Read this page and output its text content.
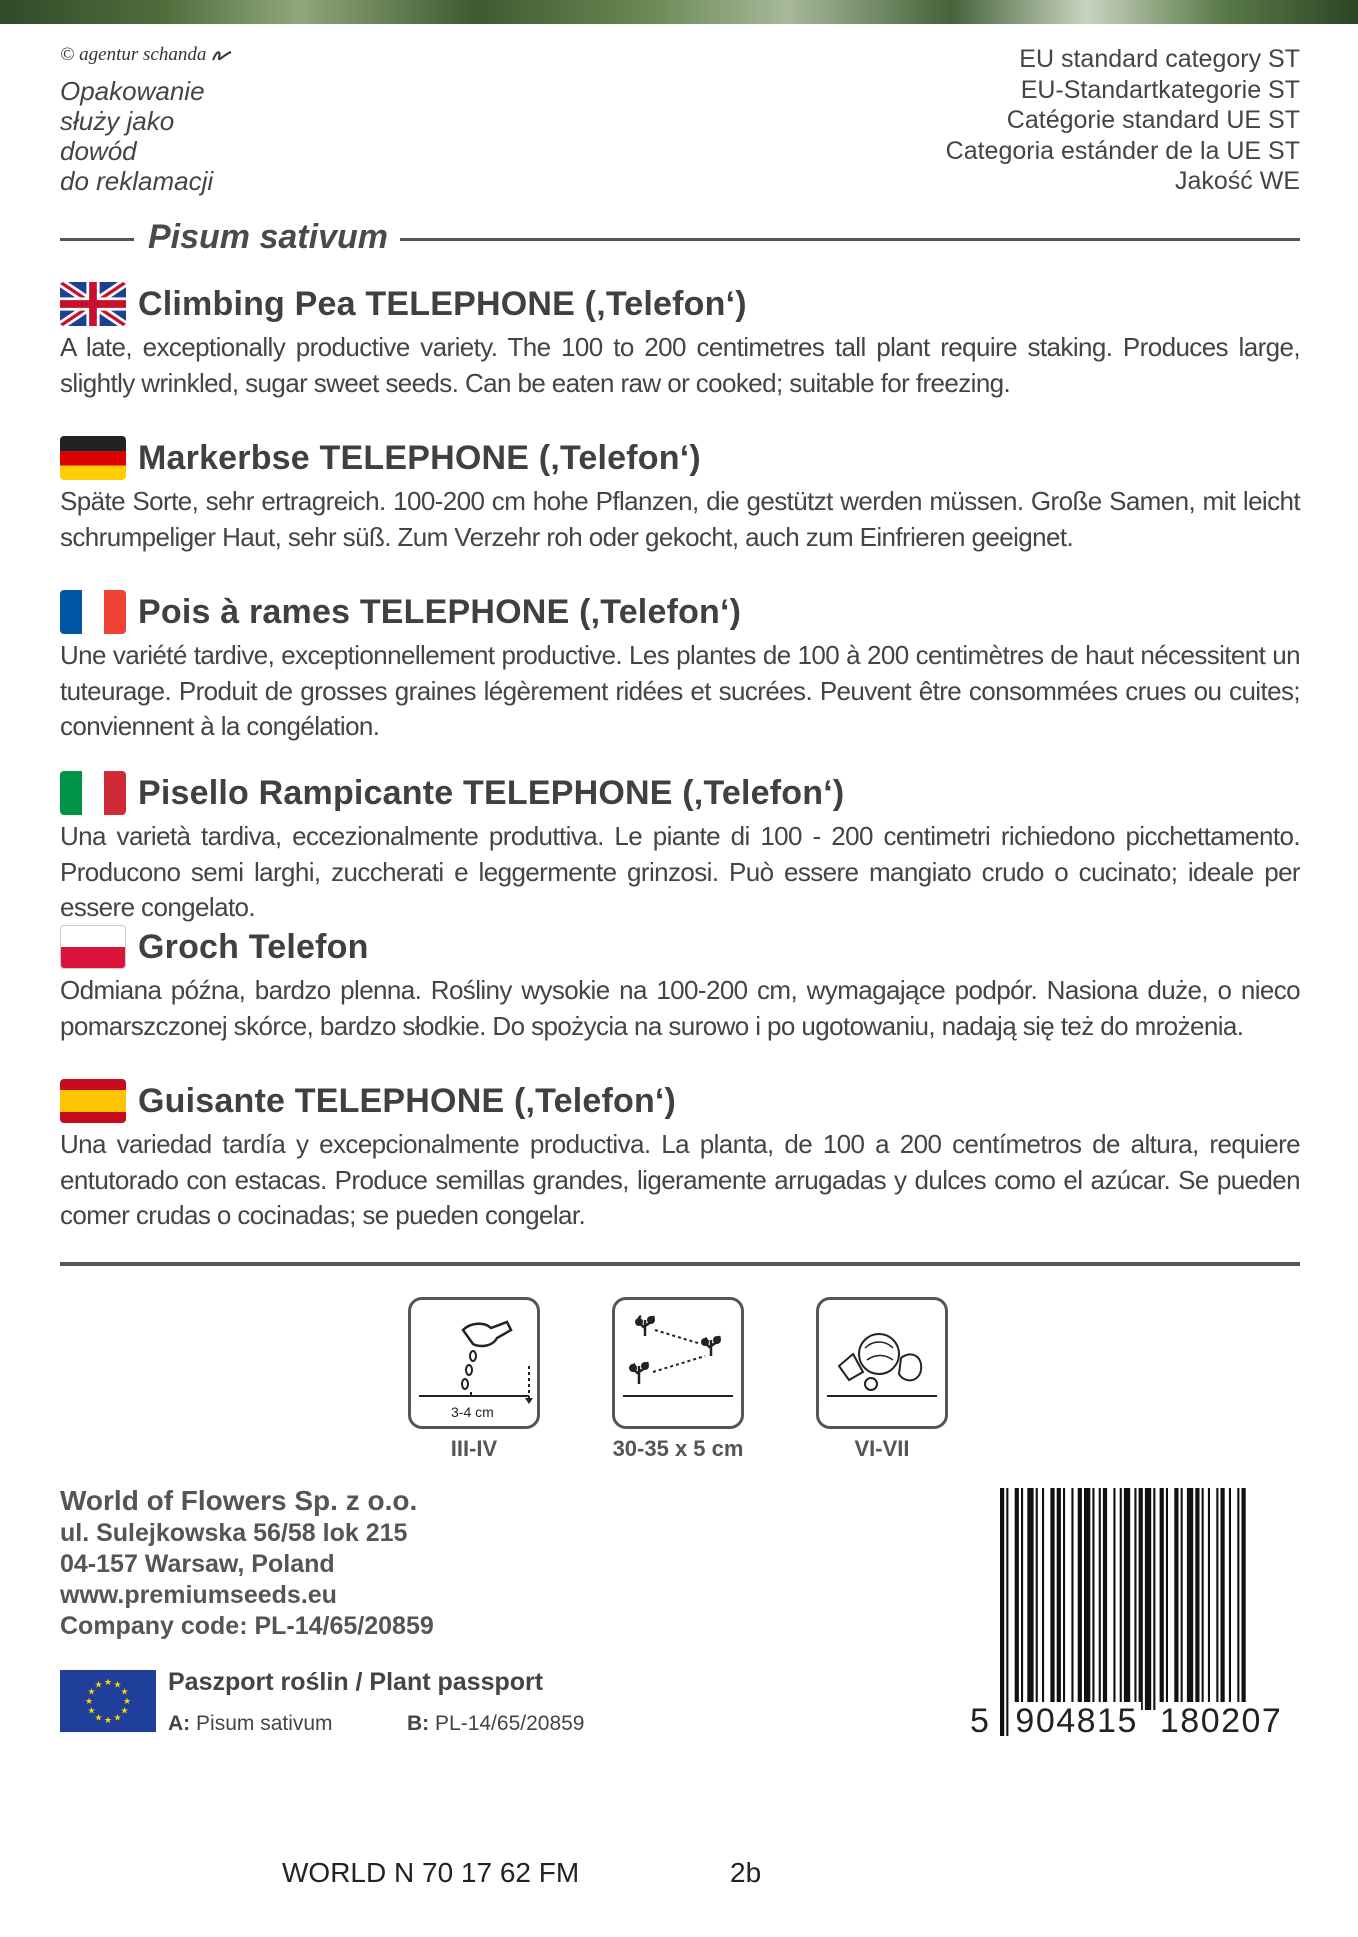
© agentur schanda
Opakowanie
służy jako
dowód
do reklamacji
EU standard category ST
EU-Standartkategorie ST
Catégorie standard UE ST
Categoria estánder de la UE ST
Jakość WE
Pisum sativum
Climbing Pea TELEPHONE (‚Telefon‘)
A late, exceptionally productive variety. The 100 to 200 centimetres tall plant require staking. Produces large, slightly wrinkled, sugar sweet seeds. Can be eaten raw or cooked; suitable for freezing.
Markerbse TELEPHONE (‚Telefon‘)
Späte Sorte, sehr ertragreich. 100-200 cm hohe Pflanzen, die gestützt werden müssen. Große Samen, mit leicht schrumpeliger Haut, sehr süß. Zum Verzehr roh oder gekocht, auch zum Einfrieren geeignet.
Pois à rames TELEPHONE (‚Telefon‘)
Une variété tardive, exceptionnellement productive. Les plantes de 100 à 200 centimètres de haut nécessitent un tuteurage. Produit de grosses graines légèrement ridées et sucrées. Peuvent être consommées crues ou cuites; conviennent à la congélation.
Pisello Rampicante TELEPHONE (‚Telefon‘)
Una varietà tardiva, eccezionalmente produttiva. Le piante di 100 - 200 centimetri richiedono picchettamento. Producono semi larghi, zuccherati e leggermente grinzosi. Può essere mangiato crudo o cucinato; ideale per essere congelato.
Groch Telefon
Odmiana późna, bardzo plenna. Rośliny wysokie na 100-200 cm, wymagające podpór. Nasiona duże, o nieco pomarszczonej skórce, bardzo słodkie. Do spożycia na surowo i po ugotowaniu, nadają się też do mrożenia.
Guisante TELEPHONE (‚Telefon‘)
Una variedad tardía y excepcionalmente productiva. La planta, de 100 a 200 centímetros de altura, requiere entutorado con estacas. Produce semillas grandes, ligeramente arrugadas y dulces como el azúcar. Se pueden comer crudas o cocinadas; se pueden congelar.
3-4 cm
III-IV	30-35 x 5 cm	VI-VII
World of Flowers Sp. z o.o.
ul. Sulejkowska 56/58 lok 215
04-157 Warsaw, Poland
www.premiumseeds.eu
Company code: PL-14/65/20859
★
★
★
★
★
★
★
★
★ ★ ★
★ Paszport roślin / Plant passport
A: Pisum sativum	B: PL-14/65/20859	5 904815 180207
WORLD N 70 17 62 FM	2b
